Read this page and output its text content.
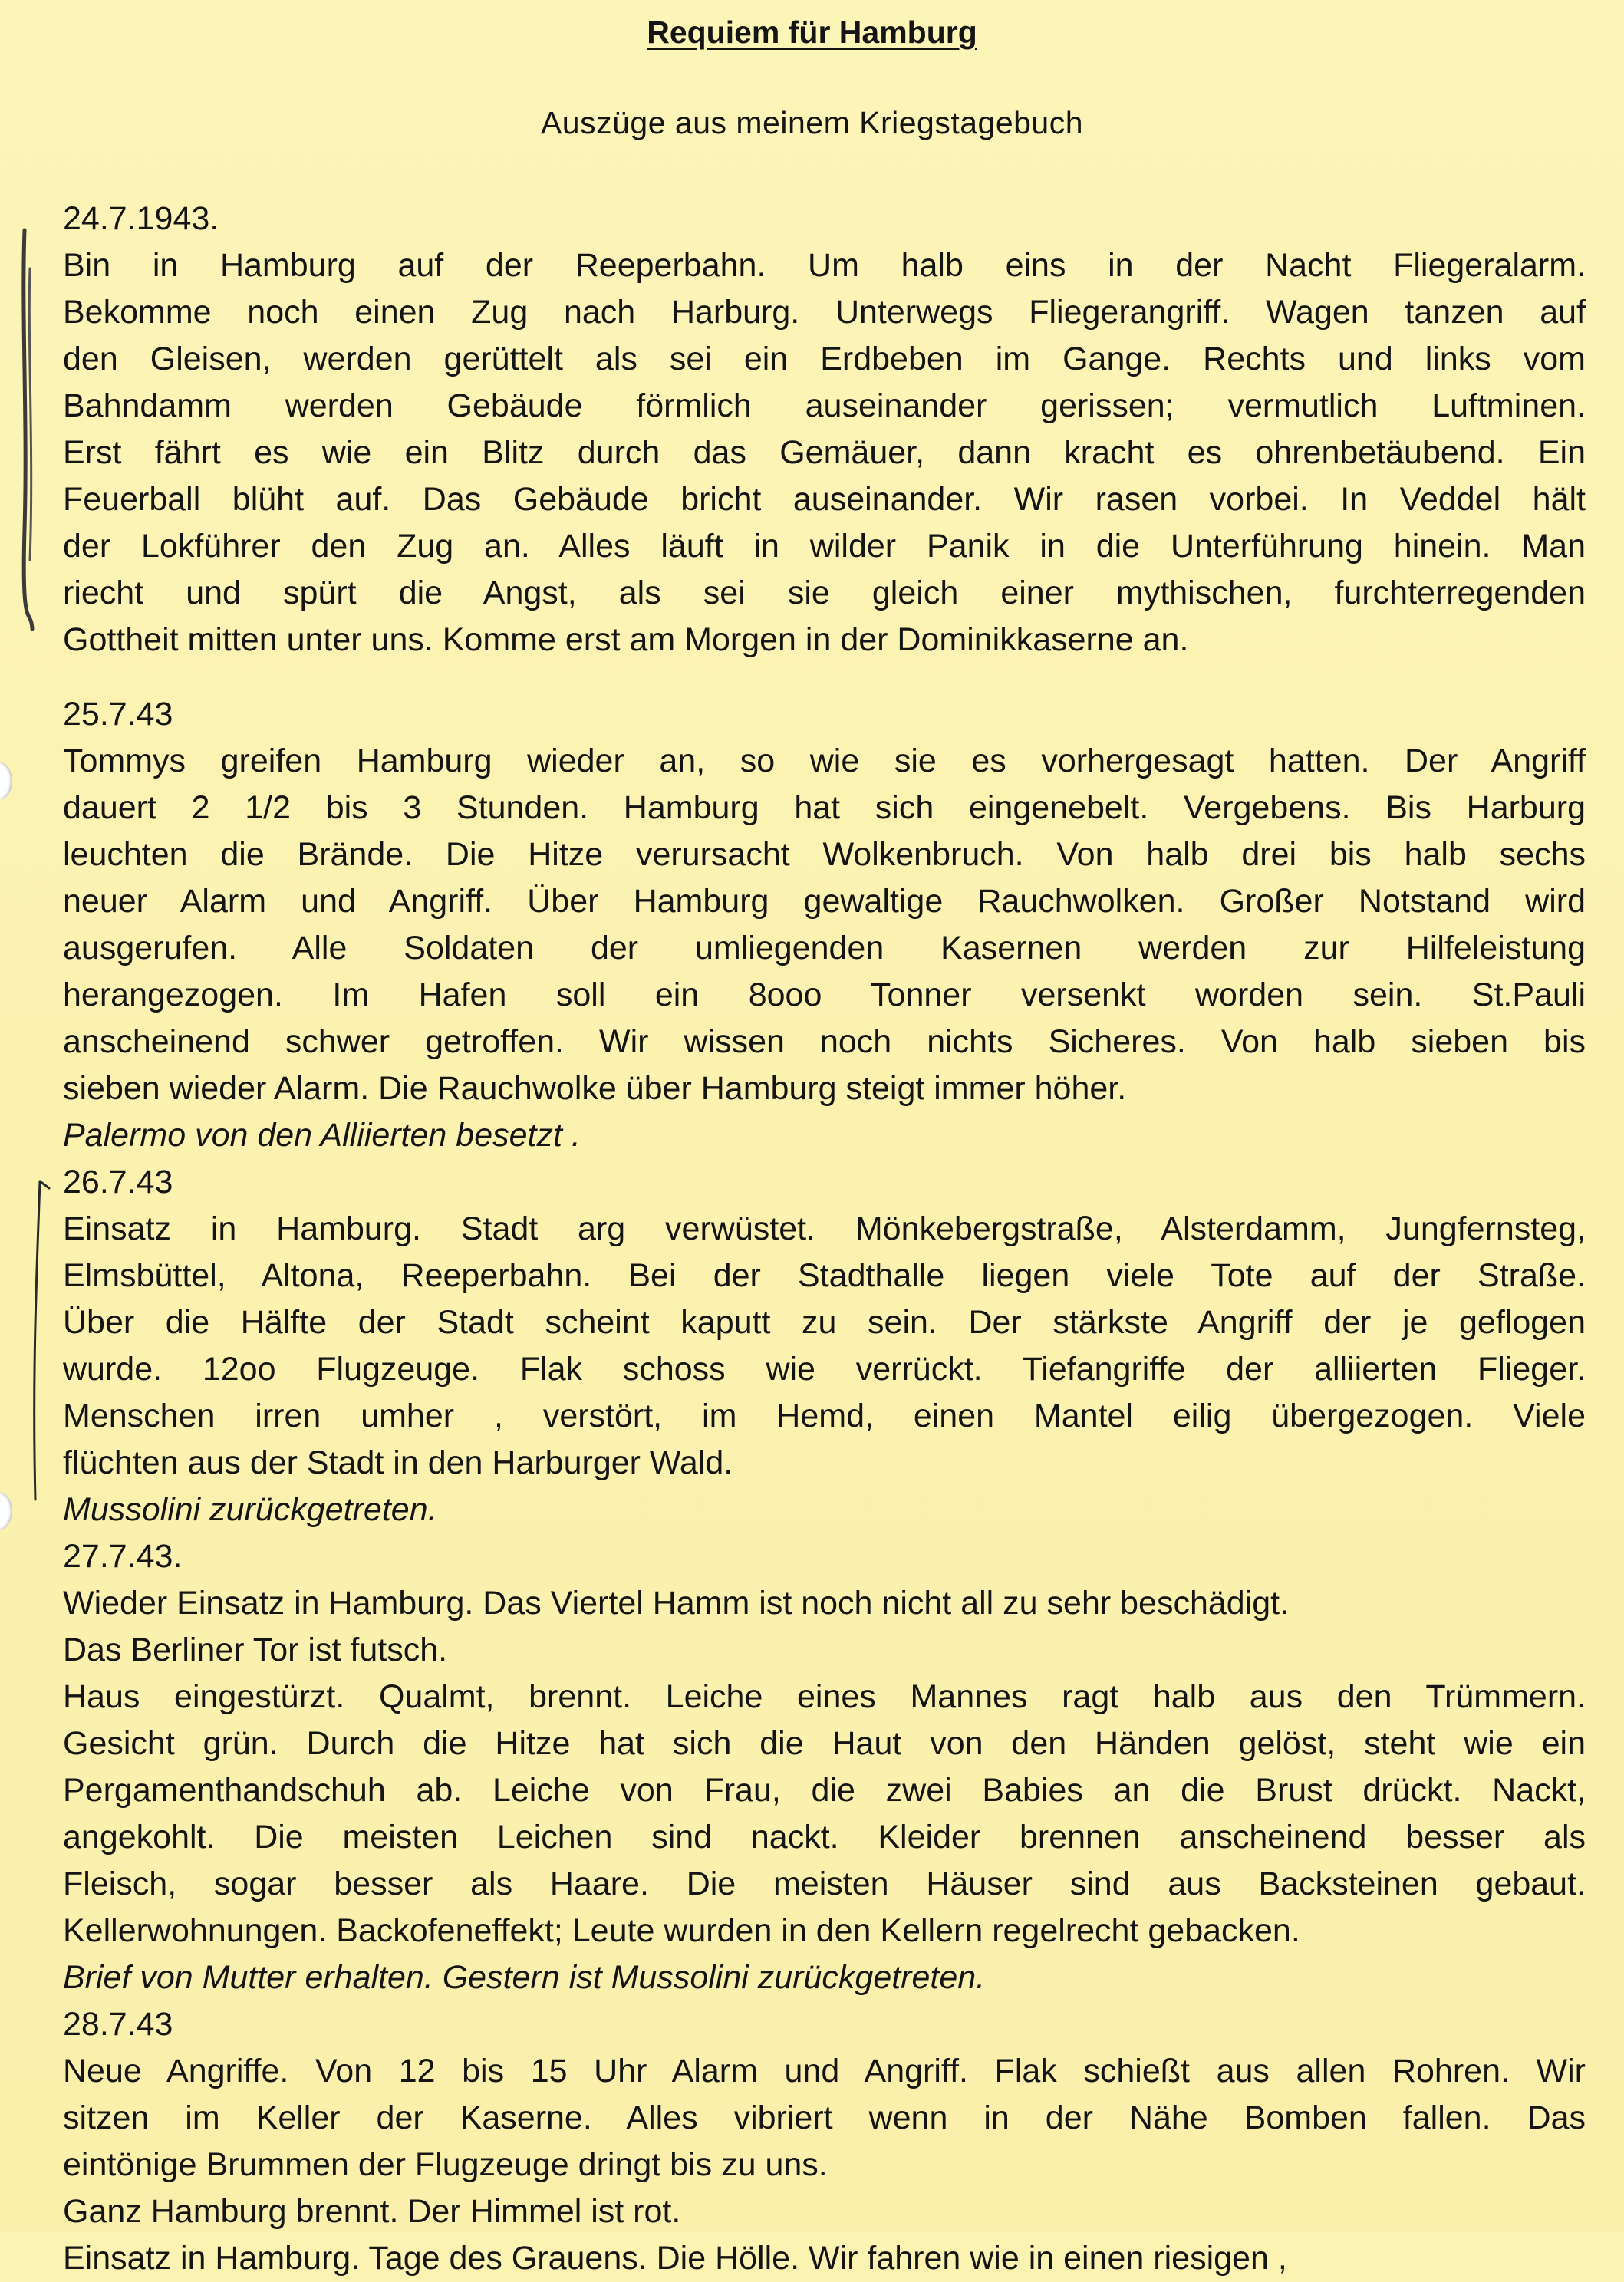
Requiem für Hamburg
Auszüge aus meinem Kriegstagebuch
24.7.1943.
Bin in Hamburg auf der Reeperbahn. Um halb eins in der Nacht Fliegeralarm.
Bekomme noch einen Zug nach Harburg. Unterwegs Fliegerangriff. Wagen tanzen auf
den Gleisen, werden gerüttelt als sei ein Erdbeben im Gange. Rechts und links vom
Bahndamm werden Gebäude förmlich auseinander gerissen; vermutlich Luftminen.
Erst fährt es wie ein Blitz durch das Gemäuer, dann kracht es ohrenbetäubend. Ein
Feuerball blüht auf. Das Gebäude bricht auseinander. Wir rasen vorbei. In Veddel hält
der Lokführer den Zug an. Alles läuft in wilder Panik in die Unterführung hinein. Man
riecht und spürt die Angst, als sei sie gleich einer mythischen, furchterregenden
Gottheit mitten unter uns. Komme erst am Morgen in der Dominikkaserne an.
25.7.43
Tommys greifen Hamburg wieder an, so wie sie es vorhergesagt hatten. Der Angriff
dauert 2 1/2 bis 3 Stunden. Hamburg hat sich eingenebelt. Vergebens. Bis Harburg
leuchten die Brände. Die Hitze verursacht Wolkenbruch. Von halb drei bis halb sechs
neuer Alarm und Angriff. Über Hamburg gewaltige Rauchwolken. Großer Notstand wird
ausgerufen. Alle Soldaten der umliegenden Kasernen werden zur Hilfeleistung
herangezogen. Im Hafen soll ein 8ooo Tonner versenkt worden sein. St.Pauli
anscheinend schwer getroffen. Wir wissen noch nichts Sicheres. Von halb sieben bis
sieben wieder Alarm. Die Rauchwolke über Hamburg steigt immer höher.
Palermo von den Alliierten besetzt .
26.7.43
Einsatz in Hamburg. Stadt arg verwüstet. Mönkebergstraße, Alsterdamm, Jungfernsteg,
Elmsbüttel, Altona, Reeperbahn. Bei der Stadthalle liegen viele Tote auf der Straße.
Über die Hälfte der Stadt scheint kaputt zu sein. Der stärkste Angriff der je geflogen
wurde. 12oo Flugzeuge. Flak schoss wie verrückt. Tiefangriffe der alliierten Flieger.
Menschen irren umher , verstört, im Hemd, einen Mantel eilig übergezogen. Viele
flüchten aus der Stadt in den Harburger Wald.
Mussolini zurückgetreten.
27.7.43.
Wieder Einsatz in Hamburg. Das Viertel Hamm ist noch nicht all zu sehr beschädigt.
Das Berliner Tor ist futsch.
Haus eingestürzt. Qualmt, brennt. Leiche eines Mannes ragt halb aus den Trümmern.
Gesicht grün. Durch die Hitze hat sich die Haut von den Händen gelöst, steht wie ein
Pergamenthandschuh ab. Leiche von Frau, die zwei Babies an die Brust drückt. Nackt,
angekohlt. Die meisten Leichen sind nackt. Kleider brennen anscheinend besser als
Fleisch, sogar besser als Haare. Die meisten Häuser sind aus Backsteinen gebaut.
Kellerwohnungen. Backofeneffekt; Leute wurden in den Kellern regelrecht gebacken.
Brief von Mutter erhalten. Gestern ist Mussolini zurückgetreten.
28.7.43
Neue Angriffe. Von 12 bis 15 Uhr Alarm und Angriff. Flak schießt aus allen Rohren. Wir
sitzen im Keller der Kaserne. Alles vibriert wenn in der Nähe Bomben fallen. Das
eintönige Brummen der Flugzeuge dringt bis zu uns.
Ganz Hamburg brennt. Der Himmel ist rot.
Einsatz in Hamburg. Tage des Grauens. Die Hölle. Wir fahren wie in einen riesigen ,
